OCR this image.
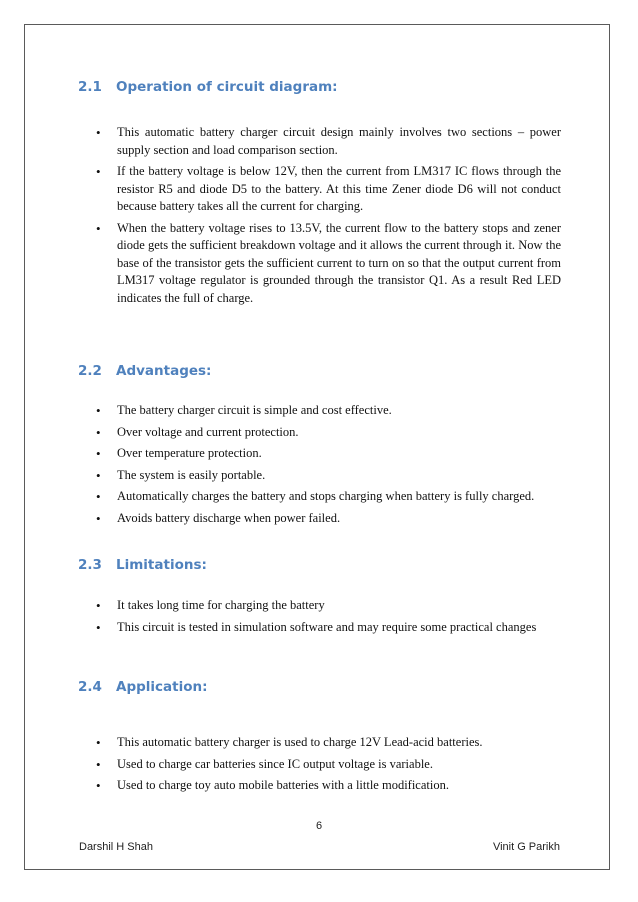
2.1 Operation of circuit diagram:
• This automatic battery charger circuit design mainly involves two sections – power supply section and load comparison section.
• If the battery voltage is below 12V, then the current from LM317 IC flows through the resistor R5 and diode D5 to the battery. At this time Zener diode D6 will not conduct because battery takes all the current for charging.
• When the battery voltage rises to 13.5V, the current flow to the battery stops and zener diode gets the sufficient breakdown voltage and it allows the current through it. Now the base of the transistor gets the sufficient current to turn on so that the output current from LM317 voltage regulator is grounded through the transistor Q1. As a result Red LED indicates the full of charge.
2.2 Advantages:
• The battery charger circuit is simple and cost effective.
• Over voltage and current protection.
• Over temperature protection.
• The system is easily portable.
• Automatically charges the battery and stops charging when battery is fully charged.
• Avoids battery discharge when power failed.
2.3 Limitations:
• It takes long time for charging the battery
• This circuit is tested in simulation software and may require some practical changes
2.4 Application:
• This automatic battery charger is used to charge 12V Lead-acid batteries.
• Used to charge car batteries since IC output voltage is variable.
• Used to charge toy auto mobile batteries with a little modification.
6
Darshil H Shah	Vinit G Parikh
